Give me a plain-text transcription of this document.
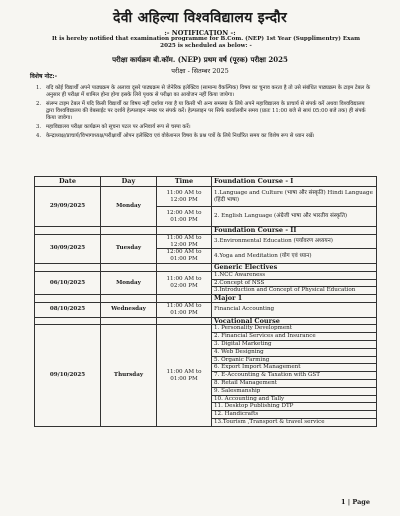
देवी अहिल्या विश्वविद्यालय इन्दौर
:- NOTIFICATION -:
It is hereby notified that examination programme for B.Com. (NEP) 1st Year (Supplimentry) Exam 2025 is scheduled as below: -
परीक्षा कार्यक्रम बी.कॉम. (NEP) प्रथम वर्ष (पूरक) परीक्षा 2025
परीक्षा - सितम्बर 2025
विशेष नोट:-
1. यदि कोई विद्यार्थी अपने पाठ्यक्रम के अलावा दूसरे पाठ्यक्रम से जेनेरिक इलेक्टिव (सामान्य वैकल्पिक) विषय का चुनाव करता है तो उसे संबंधित पाठ्यक्रम के टाइम टेबल के अनुसार ही परीक्षा में शामिल होना होगा इसके लिये पृथक से परीक्षा का आयोजन नहीं किया जायेगा।
2. संलग्न टाइम टेबल में यदि किसी विद्यार्थी का विषय नहीं दर्शाया गया है या किसी भी अन्य समस्या के लिये अपने महाविद्यालय के प्राचार्य से संपर्क करें अथवा विश्वविद्यालय द्वारा विश्वविद्यालय की वेबसाईट पर दर्शाये हेल्पलाइन नम्बर पर संपर्क करें। हेल्पलाइन पर सिर्फ कार्यालयीन समय (प्रातः 11:00 बजे से सायं 05:00 बजे तक) ही संपर्क किया जावेगा।
3. महाविद्यालय परीक्षा कार्यक्रम को सूचना पटल पर अनिवार्य रूप से चस्पा करें।
4. केन्द्राध्यक्ष/प्राचार्य/विभागाध्यक्ष/परीक्षार्थी ओपन इलेक्टिव एवं वोकेशनल विषय के प्रश्न पत्रों के लिये निर्धारित समय का विशेष रूप से ध्यान रखें।
Date	Day	Time	Foundation Course - I
29/09/2025	Monday	11:00 AM to 12:00 PM	1.Language and Culture (भाषा और संस्कृति) Hindi Language (हिंदी भाषा)
		12:00 AM to 01:00 PM	2. English Language (अंग्रेजी भाषा और भारतीय संस्कृति)
			Foundation Course - II
30/09/2025	Tuesday	11:00 AM to 12:00 PM	3.Environmental Education (पर्यावरण अध्ययन)
		12:00 AM to 01:00 PM	4.Yoga and Meditation (योग एवं ध्यान)
			Generic Electives
06/10/2025	Monday	11:00 AM to 02:00 PM	1.NCC Awareness
			2.Concept of NSS
			3.Introduction and Concept of Physical Education
			Major 1
08/10/2025	Wednesday	11:00 AM to 01:00 PM	Financial Accounting
			Vocational Course
09/10/2025	Thursday	11:00 AM to 01:00 PM	1. Personality Development
			2. Financial Services and Insurance
			3. Digital Marketing
			4. Web Designing
			5. Organic Farming
			6. Export Import Management
			7. E-Accounting & Taxation with GST
			8. Retail Management
			9. Salesmanship
			10. Accounting and Tally
			11. Desktop Publishing DTP
			12. Handicrafts
			13.Tourism ,Transport & travel service
1 | Page
